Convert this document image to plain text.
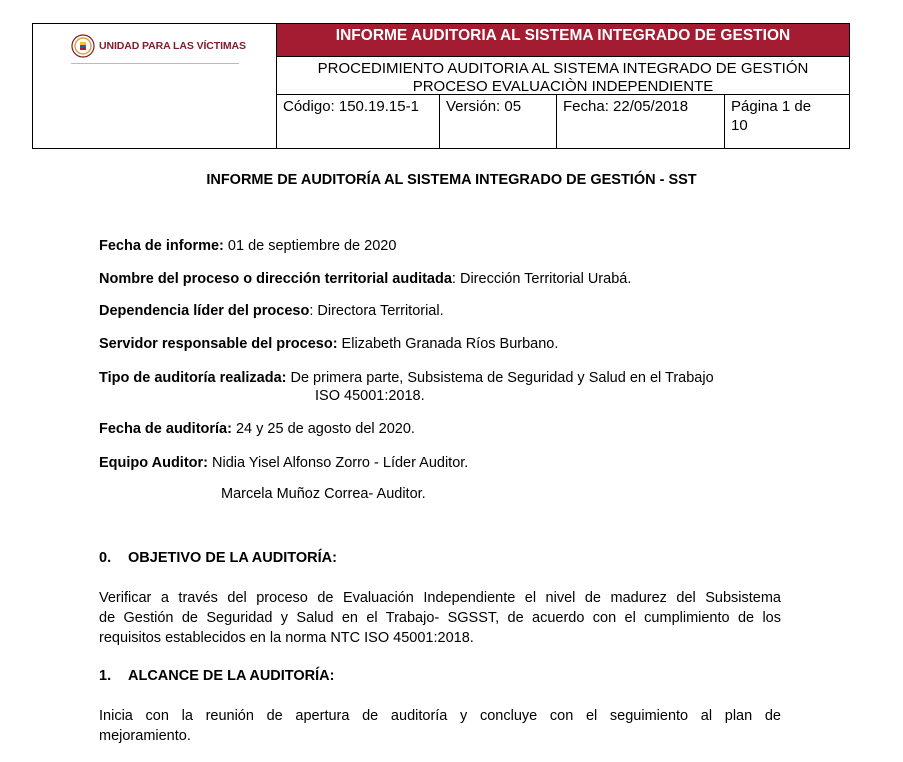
UNIDAD PARA LAS VÍCTIMAS
INFORME AUDITORIA AL SISTEMA INTEGRADO DE GESTION
PROCEDIMIENTO AUDITORIA AL SISTEMA INTEGRADO DE GESTIÓN
PROCESO EVALUACIÒN INDEPENDIENTE
Código: 150.19.15-1	Versión: 05	Fecha: 22/05/2018	Página 1 de
10
INFORME DE AUDITORÍA AL SISTEMA INTEGRADO DE GESTIÓN - SST
Fecha de informe: 01 de septiembre de 2020
Nombre del proceso o dirección territorial auditada: Dirección Territorial Urabá.
Dependencia líder del proceso: Directora Territorial.
Servidor responsable del proceso: Elizabeth Granada Ríos Burbano.
Tipo de auditoría realizada: De primera parte, Subsistema de Seguridad y Salud en el Trabajo
ISO 45001:2018.
Fecha de auditoría: 24 y 25 de agosto del 2020.
Equipo Auditor: Nidia Yisel Alfonso Zorro - Líder Auditor.
Marcela Muñoz Correa- Auditor.
0. OBJETIVO DE LA AUDITORÍA:
Verificar a través del proceso de Evaluación Independiente el nivel de madurez del Subsistema
de Gestión de Seguridad y Salud en el Trabajo- SGSST, de acuerdo con el cumplimiento de los
requisitos establecidos en la norma NTC ISO 45001:2018.
1. ALCANCE DE LA AUDITORÍA:
Inicia con la reunión de apertura de auditoría y concluye con el seguimiento al plan de
mejoramiento.
